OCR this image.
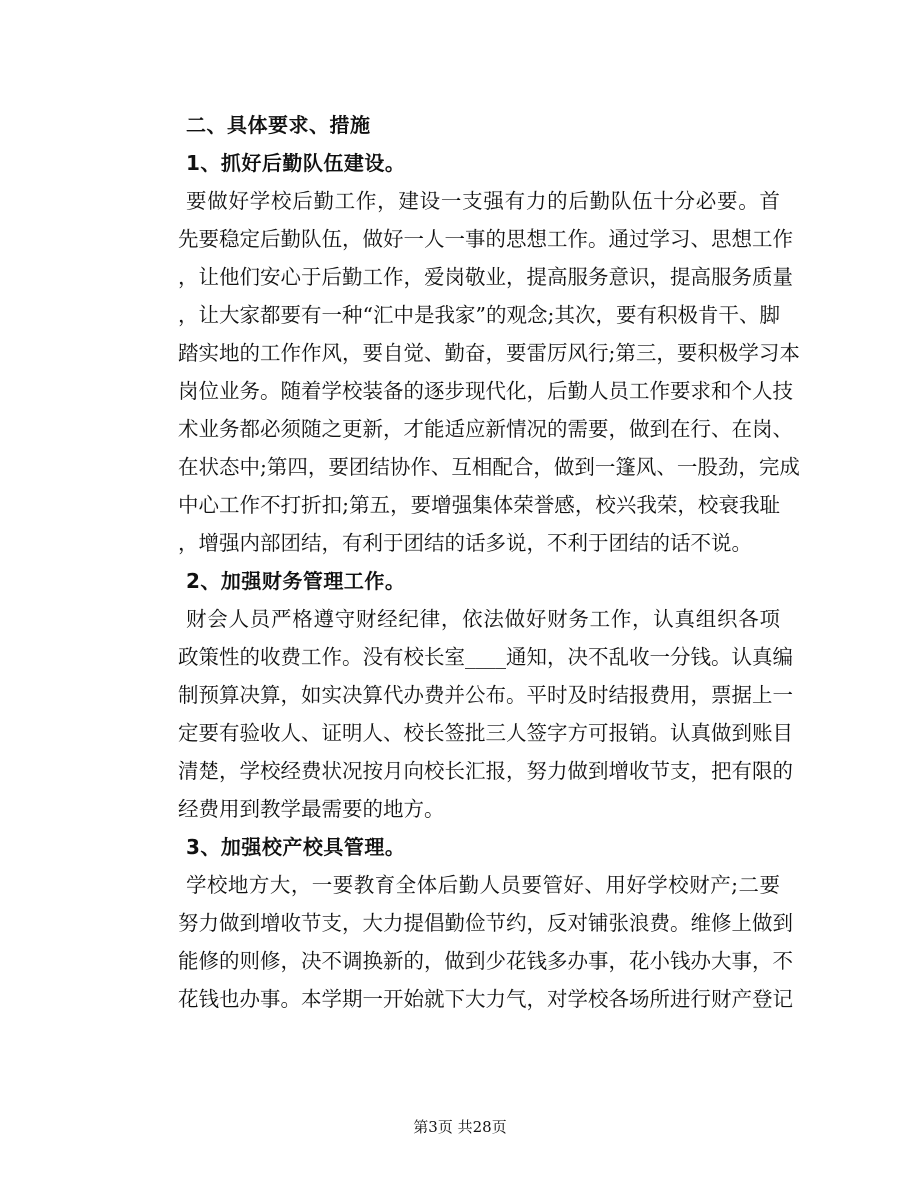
二、具体要求、措施

1、抓好后勤队伍建设。

要做好学校后勤工作，建设一支强有力的后勤队伍十分必要。首
先要稳定后勤队伍，做好一人一事的思想工作。通过学习、思想工作
，让他们安心于后勤工作，爱岗敬业，提高服务意识，提高服务质量
，让大家都要有一种“汇中是我家”的观念;其次，要有积极肯干、脚
踏实地的工作作风，要自觉、勤奋，要雷厉风行;第三，要积极学习本
岗位业务。随着学校装备的逐步现代化，后勤人员工作要求和个人技
术业务都必须随之更新，才能适应新情况的需要，做到在行、在岗、
在状态中;第四，要团结协作、互相配合，做到一篷风、一股劲，完成
中心工作不打折扣;第五，要增强集体荣誉感，校兴我荣，校衰我耻
，增强内部团结，有利于团结的话多说，不利于团结的话不说。

2、加强财务管理工作。

财会人员严格遵守财经纪律，依法做好财务工作，认真组织各项
政策性的收费工作。没有校长室____通知，决不乱收一分钱。认真编
制预算决算，如实决算代办费并公布。平时及时结报费用，票据上一
定要有验收人、证明人、校长签批三人签字方可报销。认真做到账目
清楚，学校经费状况按月向校长汇报，努力做到增收节支，把有限的
经费用到教学最需要的地方。

3、加强校产校具管理。

学校地方大，一要教育全体后勤人员要管好、用好学校财产;二要
努力做到增收节支，大力提倡勤俭节约，反对铺张浪费。维修上做到
能修的则修，决不调换新的，做到少花钱多办事，花小钱办大事，不
花钱也办事。本学期一开始就下大力气，对学校各场所进行财产登记
第3页 共28页
